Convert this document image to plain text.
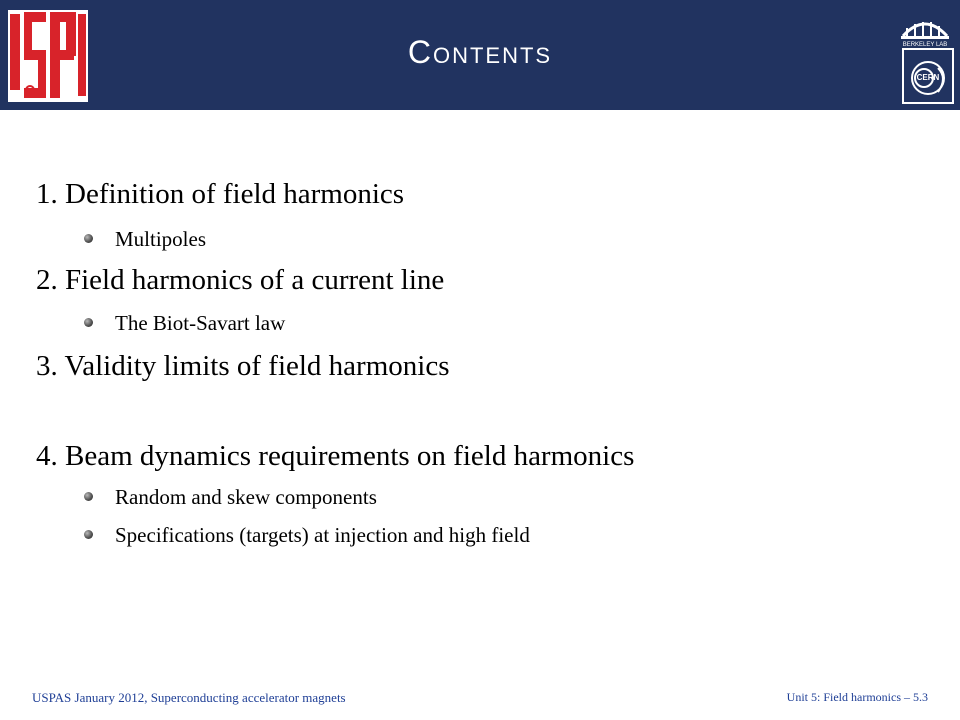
Contents	BERKELEY LAB
CERN
1. Definition of field harmonics
Multipoles
2. Field harmonics of a current line
The Biot-Savart law
3. Validity limits of field harmonics
4. Beam dynamics requirements on field harmonics
Random and skew components
Specifications (targets) at injection and high field
USPAS January 2012, Superconducting accelerator magnets	Unit 5: Field harmonics – 5.3
